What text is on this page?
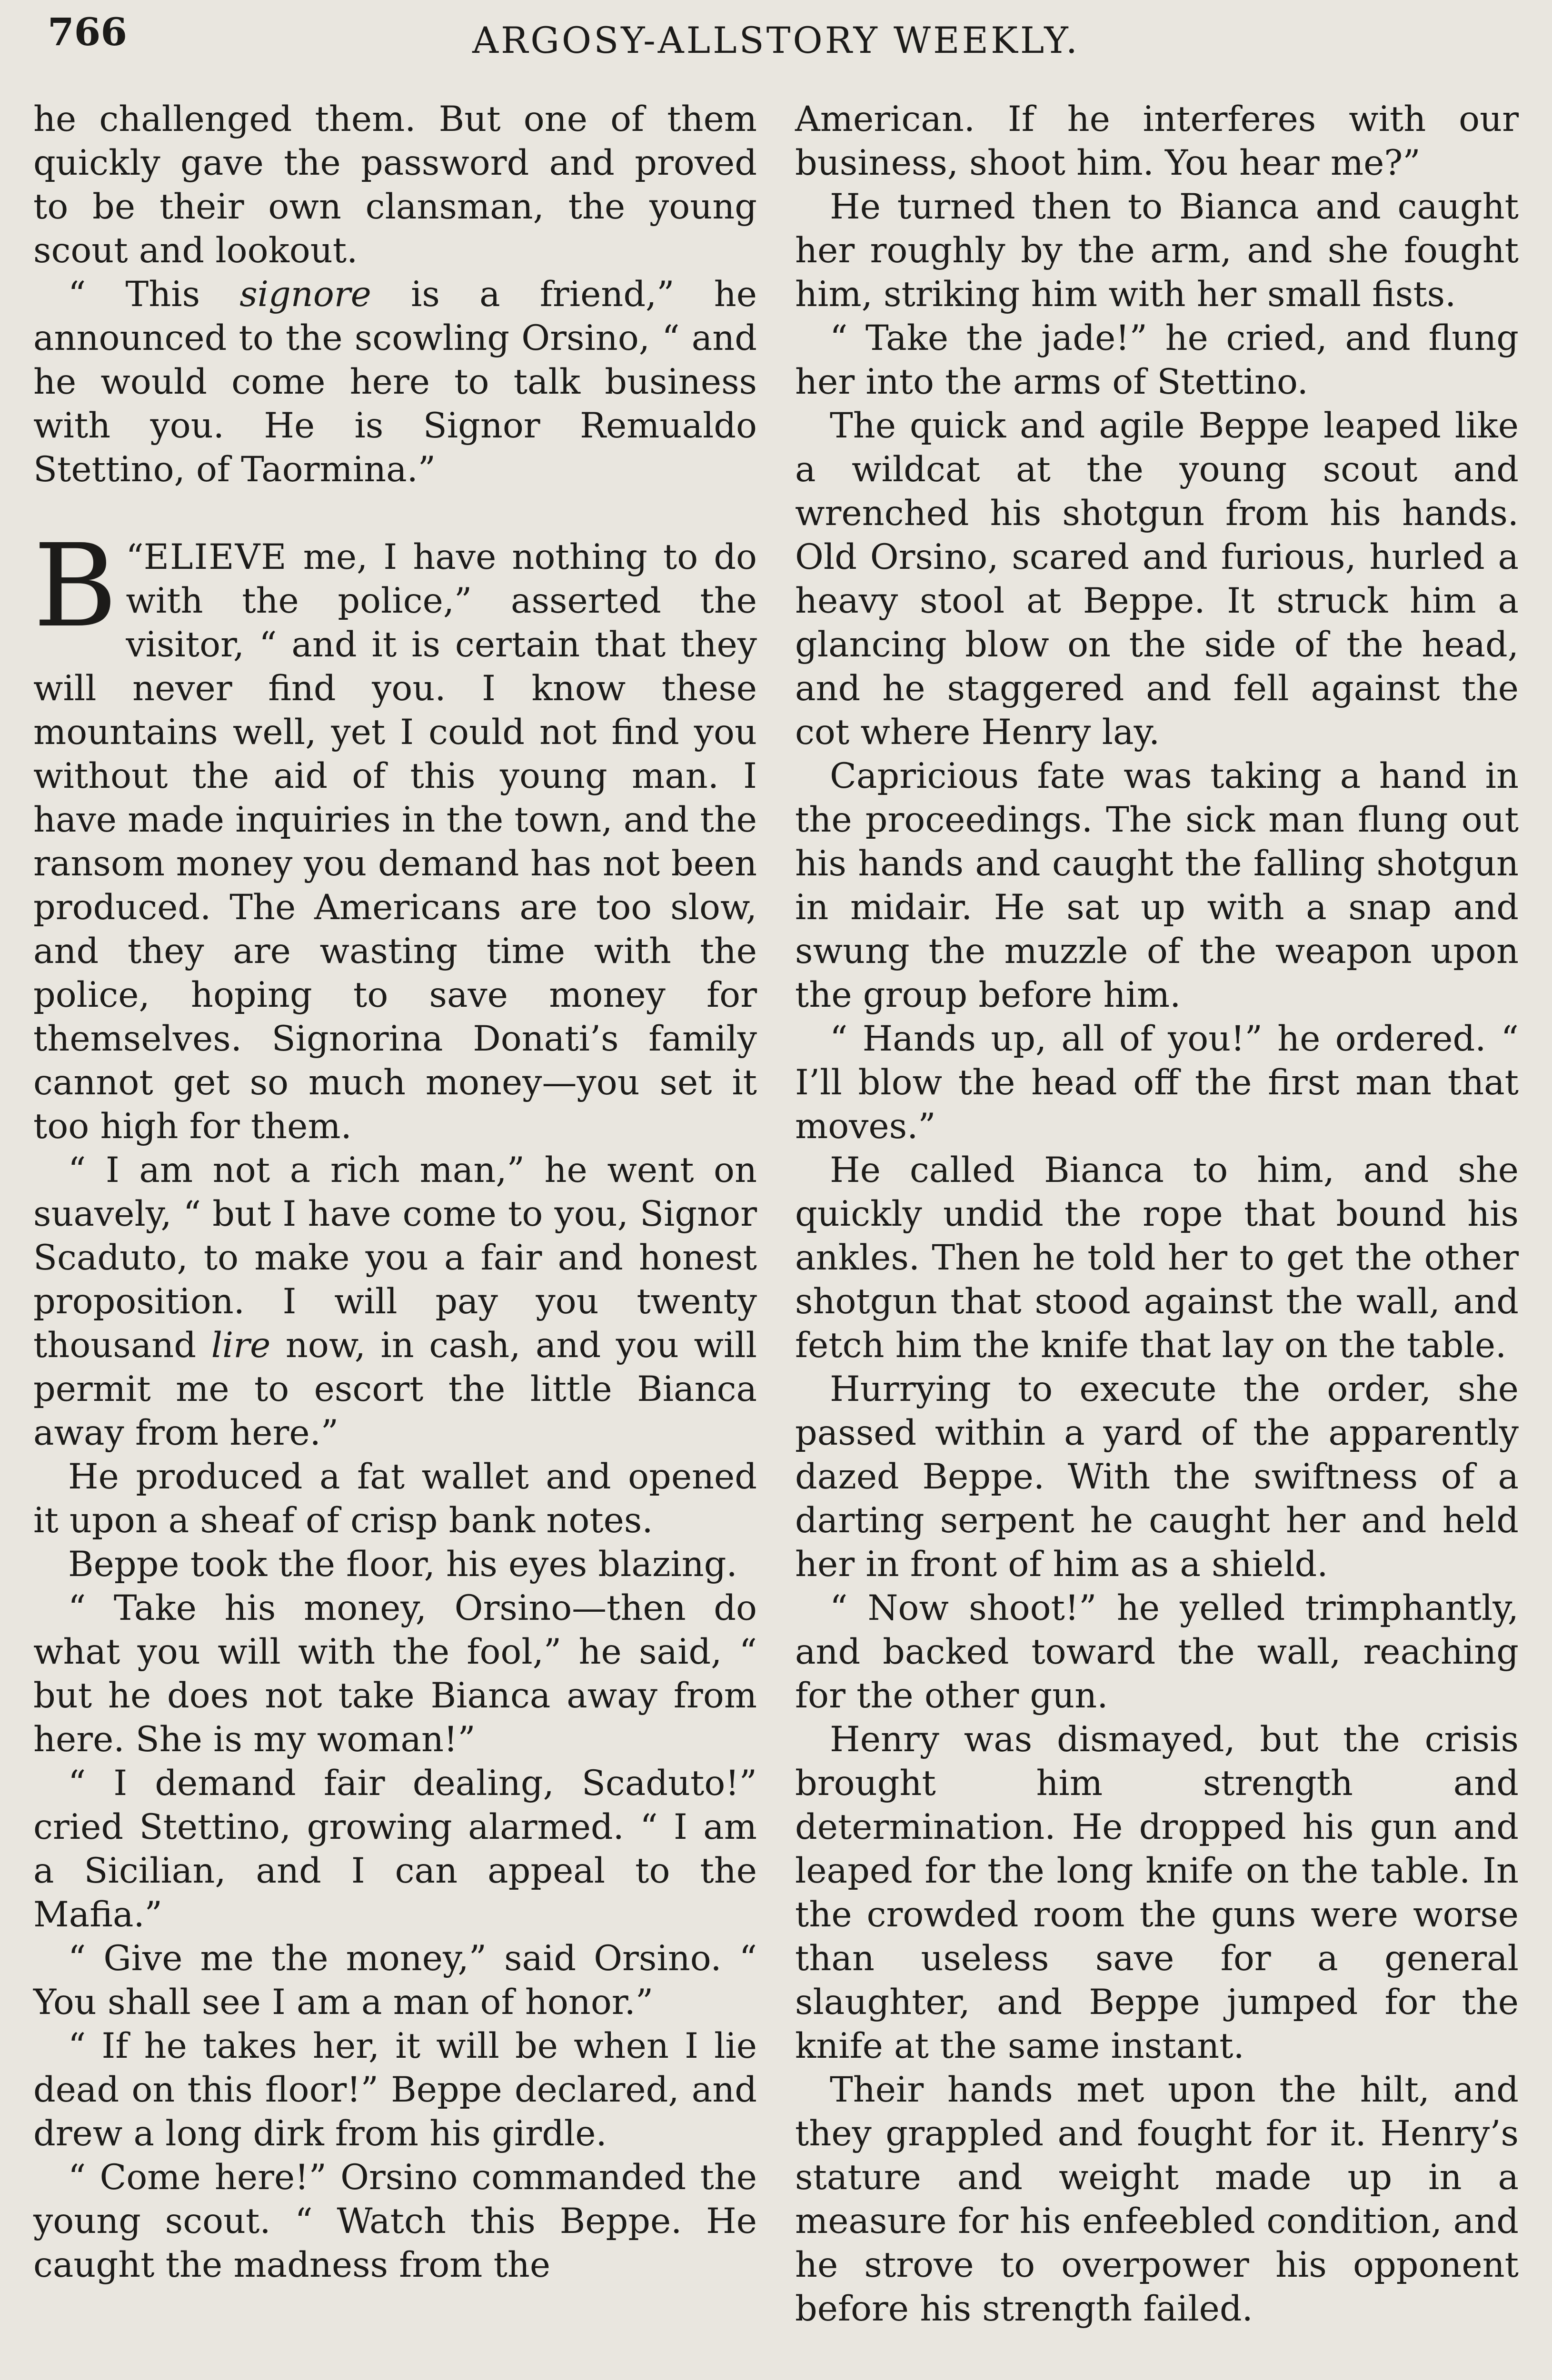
766	ARGOSY-ALLSTORY WEEKLY.

he challenged them. But one of them quickly gave the password and proved to be their own clansman, the young scout and lookout.

“ This signore is a friend,” he announced to the scowling Orsino, “ and he would come here to talk business with you. He is Signor Remualdo Stettino, of Taormina.”

“
B ELIEVE me, I have nothing to do with the police,” asserted the visitor, “ and it is certain that they will never find you. I know these mountains well, yet I could not find you without the aid of this young man. I have made inquiries in the town, and the ransom money you demand has not been produced. The Americans are too slow, and they are wasting time with the police, hoping to save money for themselves. Signorina Donati’s family cannot get so much money—you set it too high for them.

“ I am not a rich man,” he went on suavely, “ but I have come to you, Signor Scaduto, to make you a fair and honest proposition. I will pay you twenty thousand lire now, in cash, and you will permit me to escort the little Bianca away from here.”

He produced a fat wallet and opened it upon a sheaf of crisp bank notes.

Beppe took the floor, his eyes blazing.

“ Take his money, Orsino—then do what you will with the fool,” he said, “ but he does not take Bianca away from here. She is my woman!”

“ I demand fair dealing, Scaduto!” cried Stettino, growing alarmed. “ I am a Sicilian, and I can appeal to the Mafia.”

“ Give me the money,” said Orsino. “ You shall see I am a man of honor.”

“ If he takes her, it will be when I lie dead on this floor!” Beppe declared, and drew a long dirk from his girdle.

“ Come here!” Orsino commanded the young scout. “ Watch this Beppe. He caught the madness from the

American. If he interferes with our business, shoot him. You hear me?”

He turned then to Bianca and caught her roughly by the arm, and she fought him, striking him with her small fists.

“ Take the jade!” he cried, and flung her into the arms of Stettino.

The quick and agile Beppe leaped like a wildcat at the young scout and wrenched his shotgun from his hands. Old Orsino, scared and furious, hurled a heavy stool at Beppe. It struck him a glancing blow on the side of the head, and he staggered and fell against the cot where Henry lay.

Capricious fate was taking a hand in the proceedings. The sick man flung out his hands and caught the falling shotgun in midair. He sat up with a snap and swung the muzzle of the weapon upon the group before him.

“ Hands up, all of you!” he ordered. “ I’ll blow the head off the first man that moves.”

He called Bianca to him, and she quickly undid the rope that bound his ankles. Then he told her to get the other shotgun that stood against the wall, and fetch him the knife that lay on the table.

Hurrying to execute the order, she passed within a yard of the apparently dazed Beppe. With the swiftness of a darting serpent he caught her and held her in front of him as a shield.

“ Now shoot!” he yelled trimphantly, and backed toward the wall, reaching for the other gun.

Henry was dismayed, but the crisis brought him strength and determination. He dropped his gun and leaped for the long knife on the table. In the crowded room the guns were worse than useless save for a general slaughter, and Beppe jumped for the knife at the same instant.

Their hands met upon the hilt, and they grappled and fought for it. Henry’s stature and weight made up in a measure for his enfeebled condition, and he strove to overpower his opponent before his strength failed.
